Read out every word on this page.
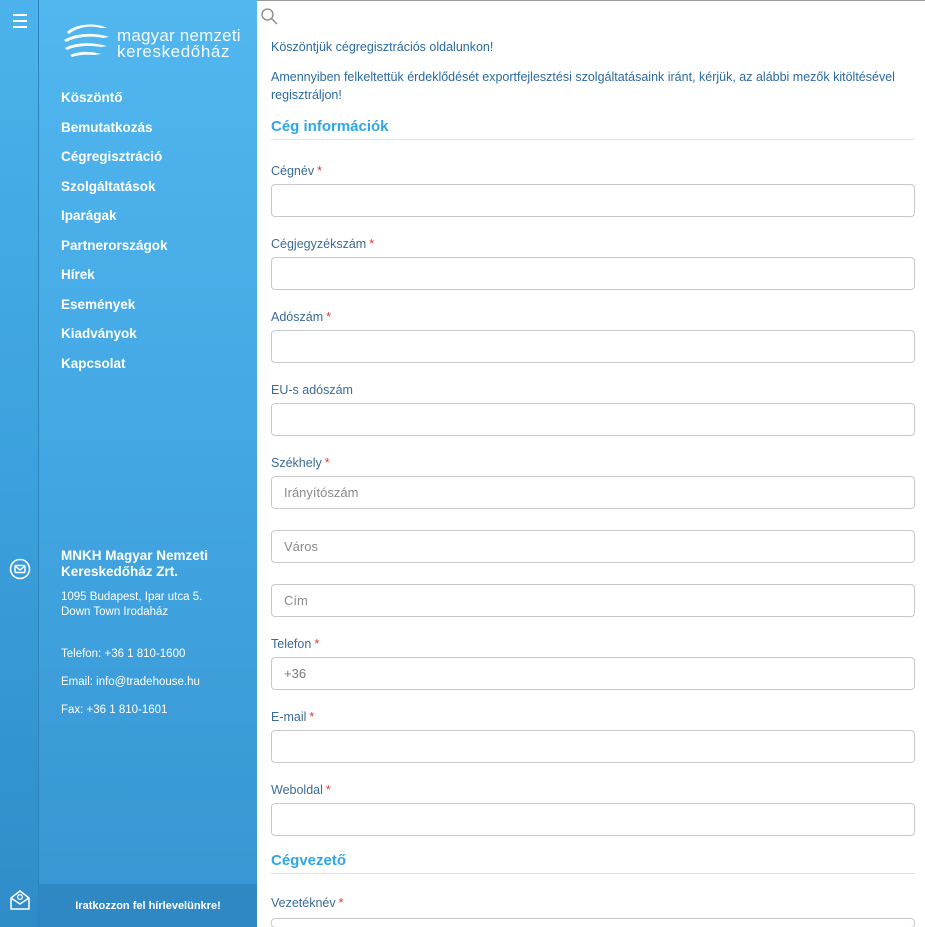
magyar nemzeti
kereskedőház
Köszöntő
Bemutatkozás
Cégregisztráció
Szolgáltatások
Iparágak
Partnerországok
Hírek
Események
Kiadványok
Kapcsolat
MNKH Magyar Nemzeti Kereskedőház Zrt.
1095 Budapest, Ipar utca 5.
Down Town Irodaház
Telefon: +36 1 810-1600
Email: info@tradehouse.hu
Fax: +36 1 810-1601
Iratkozzon fel hírlevelünkre!
Köszöntjük cégregisztrációs oldalunkon!
Amennyiben felkeltettük érdeklődését exportfejlesztési szolgáltatásaink iránt, kérjük, az alábbi mezők kitöltésével regisztráljon!
Cég információk
Cégnév *
Cégjegyzékszám *
Adószám *
EU-s adószám
Székhely *
Irányítószám
Város
Cím
Telefon *
+36
E-mail *
Weboldal *
Cégvezető
Vezetéknév *
